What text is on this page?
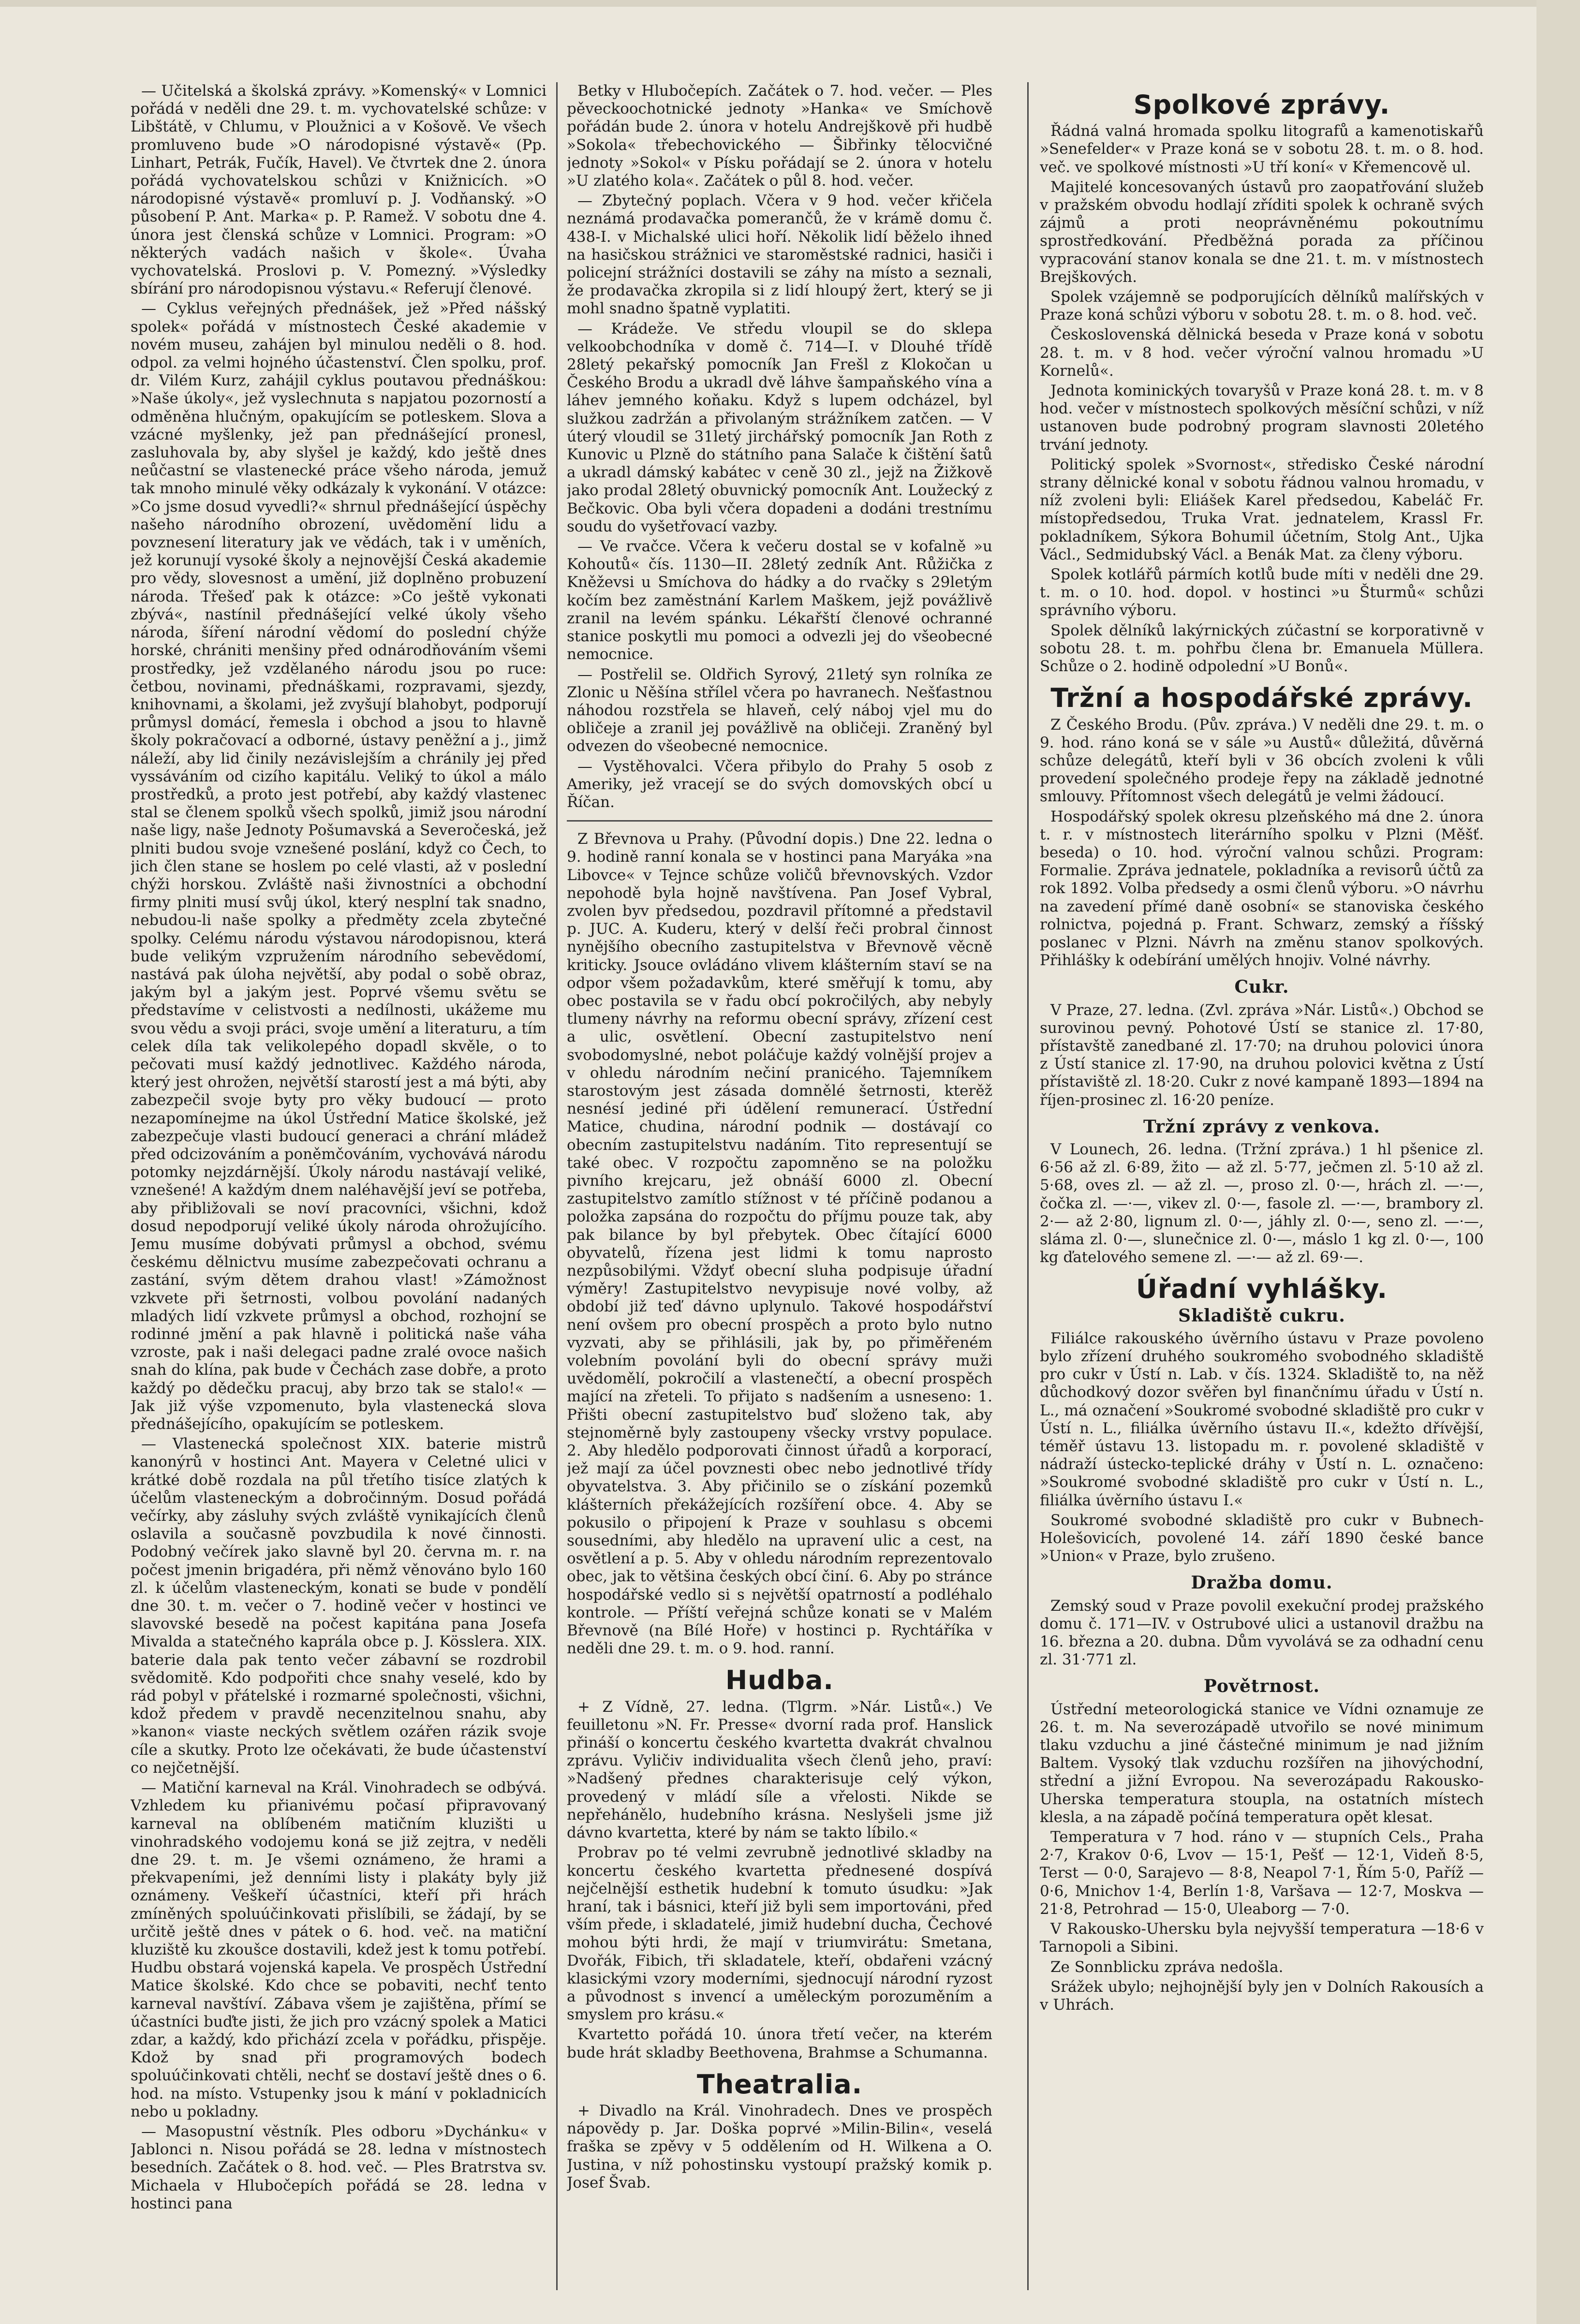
— Učitelská a školská zprávy. »Komenský« v Lomnici pořádá v neděli dne 29. t. m. vychovatelské schůze: v Libštátě, v Chlumu, v Ploužnici a v Košově. Ve všech promluveno bude »O národopisné výstavě« (Pp. Linhart, Petrák, Fučík, Havel). Ve čtvrtek dne 2. února pořádá vychovatelskou schůzi v Knižnicích. »O národopisné výstavě« promluví p. J. Vodňanský. »O působení P. Ant. Marka« p. P. Ramež. V sobotu dne 4. února jest členská schůze v Lomnici. Program: »O některých vadách našich v škole«. Úvaha vychovatelská. Proslovi p. V. Pomezný. »Výsledky sbírání pro národopisnou výstavu.« Referují členové.

— Cyklus veřejných přednášek, jež »Před nášský spolek« pořádá v místnostech České akademie v novém museu, zahájen byl minulou neděli o 8. hod. odpol. za velmi hojného účastenství. Člen spolku, prof. dr. Vilém Kurz, zahájil cyklus poutavou přednáškou: »Naše úkoly«, jež vyslechnuta s napjatou pozorností a odměněna hlučným, opakujícím se potleskem. Slova a vzácné myšlenky, jež pan přednášející pronesl, zasluhovala by, aby slyšel je každý, kdo ještě dnes neůčastní se vlastenecké práce všeho národa, jemuž tak mnoho minulé věky odkázaly k vykonání. V otázce: »Co jsme dosud vyvedli?« shrnul přednášející úspěchy našeho národního obrození, uvědomění lidu a povznesení literatury jak ve vědách, tak i v uměních, jež korunují vysoké školy a nejnovější Česká akademie pro vědy, slovesnost a umění, již doplněno probuzení národa. Třešeď pak k otázce: »Co ještě vykonati zbývá«, nastínil přednášející velké úkoly všeho národa, šíření národní vědomí do poslední chýže horské, chrániti menšiny před odnárodňováním všemi prostředky, jež vzdělaného národu jsou po ruce: četbou, novinami, přednáškami, rozpravami, sjezdy, knihovnami, a školami, jež zvyšují blahobyt, podporují průmysl domácí, řemesla i obchod a jsou to hlavně školy pokračovací a odborné, ústavy peněžní a j., jimž náleží, aby lid činily nezávislejším a chránily jej před vyssáváním od cizího kapitálu. Veliký to úkol a málo prostředků, a proto jest potřebí, aby každý vlastenec stal se členem spolků všech spolků, jimiž jsou národní naše ligy, naše Jednoty Pošumavská a Severočeská, jež plniti budou svoje vznešené poslání, když co Čech, to jich člen stane se hoslem po celé vlasti, až v poslední chýži horskou. Zvláště naši živnostníci a obchodní firmy plniti musí svůj úkol, který nesplní tak snadno, nebudou-li naše spolky a předměty zcela zbytečné spolky. Celému národu výstavou národopisnou, která bude velikým vzpružením národního sebevědomí, nastává pak úloha největší, aby podal o sobě obraz, jakým byl a jakým jest. Poprvé všemu světu se představíme v celistvosti a nedílnosti, ukážeme mu svou vědu a svoji práci, svoje umění a literaturu, a tím celek díla tak velikolepého dopadl skvěle, o to pečovati musí každý jednotlivec. Každého národa, který jest ohrožen, největší starostí jest a má býti, aby zabezpečil svoje byty pro věky budoucí — proto nezapomínejme na úkol Ústřední Matice školské, jež zabezpečuje vlasti budoucí generaci a chrání mládež před odcizováním a poněmčováním, vychovává národu potomky nejzdárnější. Úkoly národu nastávají veliké, vznešené! A každým dnem naléhavější jeví se potřeba, aby přibližovali se noví pracovníci, všichni, kdož dosud nepodporují veliké úkoly národa ohrožujícího. Jemu musíme dobývati průmysl a obchod, svému českému dělnictvu musíme zabezpečovati ochranu a zastání, svým dětem drahou vlast! »Zámožnost vzkvete při šetrnosti, volbou povolání nadaných mladých lidí vzkvete průmysl a obchod, rozhojní se rodinné jmění a pak hlavně i politická naše váha vzroste, pak i naši delegaci padne zralé ovoce našich snah do klína, pak bude v Čechách zase dobře, a proto každý po dědečku pracuj, aby brzo tak se stalo!« — Jak již výše vzpomenuto, byla vlastenecká slova přednášejícího, opakujícím se potleskem.

— Vlastenecká společnost XIX. baterie mistrů kanonýrů v hostinci Ant. Mayera v Celetné ulici v krátké době rozdala na půl třetího tisíce zlatých k účelům vlasteneckým a dobročinným. Dosud pořádá večírky, aby zásluhy svých zvláště vynikajících členů oslavila a současně povzbudila k nové činnosti. Podobný večírek jako slavně byl 20. června m. r. na počest jmenin brigadéra, při němž věnováno bylo 160 zl. k účelům vlasteneckým, konati se bude v pondělí dne 30. t. m. večer o 7. hodině večer v hostinci ve slavovské besedě na počest kapitána pana Josefa Mivalda a statečného kaprála obce p. J. Kösslera. XIX. baterie dala pak tento večer zábavní se rozdrobil svědomitě. Kdo podpořiti chce snahy veselé, kdo by rád pobyl v přátelské i rozmarné společnosti, všichni, kdož předem v pravdě necenzitelnou snahu, aby »kanon« viaste neckých světlem ozářen rázik svoje cíle a skutky. Proto lze očekávati, že bude účastenství co nejčetnější.

— Matiční karneval na Král. Vinohradech se odbývá. Vzhledem ku přianivému počasí připravovaný karneval na oblíbeném matičním kluzišti u vinohradského vodojemu koná se již zejtra, v neděli dne 29. t. m. Je všemi oznámeno, že hrami a překvapeními, jež denními listy i plakáty byly již oznámeny. Veškeří účastníci, kteří při hrách zmíněných spoluúčinkovati přislíbili, se žádají, by se určitě ještě dnes v pátek o 6. hod. več. na matiční kluziště ku zkoušce dostavili, kdež jest k tomu potřebí. Hudbu obstará vojenská kapela. Ve prospěch Ústřední Matice školské. Kdo chce se pobaviti, nechť tento karneval navštíví. Zábava všem je zajištěna, přímí se účastníci buďte jisti, že jich pro vzácný spolek a Matici zdar, a každý, kdo přichází zcela v pořádku, přispěje. Kdož by snad při programových bodech spoluúčinkovati chtěli, nechť se dostaví ještě dnes o 6. hod. na místo. Vstupenky jsou k mání v pokladnicích nebo u pokladny.

— Masopustní věstník. Ples odboru »Dychánku« v Jablonci n. Nisou pořádá se 28. ledna v místnostech besedních. Začátek o 8. hod. več. — Ples Bratrstva sv. Michaela v Hlubočepích pořádá se 28. ledna v hostinci pana

Betky v Hlubočepích. Začátek o 7. hod. večer. — Ples pěveckoochotnické jednoty »Hanka« ve Smíchově pořádán bude 2. února v hotelu Andrejškově při hudbě »Sokola« třebechovického — Šibřinky tělocvičné jednoty »Sokol« v Písku pořádají se 2. února v hotelu »U zlatého kola«. Začátek o půl 8. hod. večer.

— Zbytečný poplach. Včera v 9 hod. večer křičela neznámá prodavačka pomerančů, že v krámě domu č. 438-I. v Michalské ulici hoří. Několik lidí běželo ihned na hasičskou strážnici ve staroměstské radnici, hasiči i policejní strážníci dostavili se záhy na místo a seznali, že prodavačka zkropila si z lidí hloupý žert, který se ji mohl snadno špatně vyplatiti.

— Krádeže. Ve středu vloupil se do sklepa velkoobchodníka v domě č. 714—I. v Dlouhé třídě 28letý pekařský pomocník Jan Frešl z Klokočan u Českého Brodu a ukradl dvě láhve šampaňského vína a láhev jemného koňaku. Když s lupem odcházel, byl služkou zadržán a přivolaným strážníkem zatčen. — V úterý vloudil se 31letý jirchářský pomocník Jan Roth z Kunovic u Plzně do státního pana Salače k čištění šatů a ukradl dámský kabátec v ceně 30 zl., jejž na Žižkově jako prodal 28letý obuvnický pomocník Ant. Loužecký z Bečkovic. Oba byli včera dopadeni a dodáni trestnímu soudu do vyšetřovací vazby.

— Ve rvačce. Včera k večeru dostal se v kofalně »u Kohoutů« čís. 1130—II. 28letý zedník Ant. Růžička z Kněževsi u Smíchova do hádky a do rvačky s 29letým kočím bez zaměstnání Karlem Maškem, jejž povážlivě zranil na levém spánku. Lékařští členové ochranné stanice poskytli mu pomoci a odvezli jej do všeobecné nemocnice.

— Postřelil se. Oldřich Syrový, 21letý syn rolníka ze Zlonic u Něšína střílel včera po havranech. Nešťastnou náhodou rozstřela se hlaveň, celý náboj vjel mu do obličeje a zranil jej povážlivě na obličeji. Zraněný byl odvezen do všeobecné nemocnice.

— Vystěhovalci. Včera přibylo do Prahy 5 osob z Ameriky, jež vracejí se do svých domovských obcí u Říčan.

Z Břevnova u Prahy. (Původní dopis.) Dne 22. ledna o 9. hodině ranní konala se v hostinci pana Maryáka »na Libovce« v Tejnce schůze voličů břevnovských. Vzdor nepohodě byla hojně navštívena. Pan Josef Vybral, zvolen byv předsedou, pozdravil přítomné a představil p. JUC. A. Kuderu, který v delší řeči probral činnost nynějšího obecního zastupitelstva v Břevnově věcně kriticky. Jsouce ovládáno vlivem klášterním staví se na odpor všem požadavkům, které směřují k tomu, aby obec postavila se v řadu obcí pokročilých, aby nebyly tlumeny návrhy na reformu obecní správy, zřízení cest a ulic, osvětlení. Obecní zastupitelstvo není svobodomyslné, nebot poláčuje každý volnější projev a v ohledu národním nečiní pranicého. Tajemníkem starostovým jest zásada domnělé šetrnosti, kterěž nesnésí jediné při údělení remunerací. Ústřední Matice, chudina, národní podnik — dostávají co obecním zastupitelstvu nadáním. Tito representují se také obec. V rozpočtu zapomněno se na položku pivního krejcaru, jež obnáší 6000 zl. Obecní zastupitelstvo zamítlo stížnost v té příčině podanou a položka zapsána do rozpočtu do příjmu pouze tak, aby pak bilance by byl přebytek. Obec čítající 6000 obyvatelů, řízena jest lidmi k tomu naprosto nezpůsobilými. Vždyť obecní sluha podpisuje úřadní výměry! Zastupitelstvo nevypisuje nové volby, až období již teď dávno uplynulo. Takové hospodářství není ovšem pro obecní prospěch a proto bylo nutno vyzvati, aby se přihlásili, jak by, po přiměřeném volebním povolání byli do obecní správy muži uvědomělí, pokročilí a vlastenečtí, a obecní prospěch mající na zřeteli. To přijato s nadšením a usneseno: 1. Přišti obecní zastupitelstvo buď složeno tak, aby stejnoměrně byly zastoupeny všecky vrstvy populace. 2. Aby hledělo podporovati činnost úřadů a korporací, jež mají za účel povznesti obec nebo jednotlivé třídy obyvatelstva. 3. Aby přičinilo se o získání pozemků klášterních překážejících rozšíření obce. 4. Aby se pokusilo o připojení k Praze v souhlasu s obcemi sousedními, aby hledělo na upravení ulic a cest, na osvětlení a p. 5. Aby v ohledu národním reprezentovalo obec, jak to většina českých obcí činí. 6. Aby po stránce hospodářské vedlo si s největší opatrností a podléhalo kontrole. — Příští veřejná schůze konati se v Malém Břevnově (na Bílé Hoře) v hostinci p. Rychtáříka v neděli dne 29. t. m. o 9. hod. ranní.

Hudba.

+ Z Vídně, 27. ledna. (Tlgrm. »Nár. Listů«.) Ve feuilletonu »N. Fr. Presse« dvorní rada prof. Hanslick přináší o koncertu českého kvartetta dvakrát chvalnou zprávu. Vyličiv individualita všech členů jeho, praví: »Nadšený přednes charakterisuje celý výkon, provedený v mládí síle a vřelosti. Nikde se nepřehánělo, hudebního krásna. Neslyšeli jsme již dávno kvartetta, které by nám se takto líbilo.«

Probrav po té velmi zevrubně jednotlivé skladby na koncertu českého kvartetta přednesené dospívá nejčelnější esthetik hudební k tomuto úsudku: »Jak hraní, tak i básnici, kteří již byli sem importováni, před vším přede, i skladatelé, jimiž hudební ducha, Čechové mohou býti hrdi, že mají v triumvirátu: Smetana, Dvořák, Fibich, tři skladatele, kteří, obdařeni vzácný klasickými vzory moderními, sjednocují národní ryzost a původnost s invencí a uměleckým porozuměním a smyslem pro krásu.«

Kvartetto pořádá 10. února třetí večer, na kterém bude hrát skladby Beethovena, Brahmse a Schumanna.

Theatralia.

+ Divadlo na Král. Vinohradech. Dnes ve prospěch nápovědy p. Jar. Doška poprvé »Milin-Bilin«, veselá fraška se zpěvy v 5 oddělením od H. Wilkena a O. Justina, v níž pohostinsku vystoupí pražský komik p. Josef Švab.

Spolkové zprávy.

Řádná valná hromada spolku litografů a kamenotiskařů »Senefelder« v Praze koná se v sobotu 28. t. m. o 8. hod. več. ve spolkové místnosti »U tří koní« v Křemencově ul.

Majitelé koncesovaných ústavů pro zaopatřování služeb v pražském obvodu hodlají zříditi spolek k ochraně svých zájmů a proti neoprávněnému pokoutnímu sprostředkování. Předběžná porada za příčinou vypracování stanov konala se dne 21. t. m. v místnostech Brejškových.

Spolek vzájemně se podporujících dělníků malířských v Praze koná schůzi výboru v sobotu 28. t. m. o 8. hod. več.

Československá dělnická beseda v Praze koná v sobotu 28. t. m. v 8 hod. večer výroční valnou hromadu »U Kornelů«.

Jednota kominických tovaryšů v Praze koná 28. t. m. v 8 hod. večer v místnostech spolkových měsíční schůzi, v níž ustanoven bude podrobný program slavnosti 20letého trvání jednoty.

Politický spolek »Svornost«, středisko České národní strany dělnické konal v sobotu řádnou valnou hromadu, v níž zvoleni byli: Eliášek Karel předsedou, Kabeláč Fr. místopředsedou, Truka Vrat. jednatelem, Krassl Fr. pokladníkem, Sýkora Bohumil účetním, Stolg Ant., Ujka Václ., Sedmidubský Václ. a Benák Mat. za členy výboru.

Spolek kotlářů pármích kotlů bude míti v neděli dne 29. t. m. o 10. hod. dopol. v hostinci »u Šturmů« schůzi správního výboru.

Spolek dělníků lakýrnických zúčastní se korporativně v sobotu 28. t. m. pohřbu člena br. Emanuela Müllera. Schůze o 2. hodině odpolední »U Bonů«.

Tržní a hospodářské zprávy.

Z Českého Brodu. (Pův. zpráva.) V neděli dne 29. t. m. o 9. hod. ráno koná se v sále »u Austů« důležitá, důvěrná schůze delegátů, kteří byli v 36 obcích zvoleni k vůli provedení společného prodeje řepy na základě jednotné smlouvy. Přítomnost všech delegátů je velmi žádoucí.

Hospodářský spolek okresu plzeňského má dne 2. února t. r. v místnostech literárního spolku v Plzni (Měšť. beseda) o 10. hod. výroční valnou schůzi. Program: Formalie. Zpráva jednatele, pokladníka a revisorů účtů za rok 1892. Volba předsedy a osmi členů výboru. »O návrhu na zavedení přímé daně osobní« se stanoviska českého rolnictva, pojedná p. Frant. Schwarz, zemský a říšský poslanec v Plzni. Návrh na změnu stanov spolkových. Přihlášky k odebírání umělých hnojiv. Volné návrhy.

Cukr.

V Praze, 27. ledna. (Zvl. zpráva »Nár. Listů«.) Obchod se surovinou pevný. Pohotové Ústí se stanice zl. 17·80, přístavště zanedbané zl. 17·70; na druhou polovici února z Ústí stanice zl. 17·90, na druhou polovici května z Ústí přístaviště zl. 18·20. Cukr z nové kampaně 1893—1894 na říjen-prosinec zl. 16·20 peníze.

Tržní zprávy z venkova.

V Lounech, 26. ledna. (Tržní zpráva.) 1 hl pšenice zl. 6·56 až zl. 6·89, žito — až zl. 5·77, ječmen zl. 5·10 až zl. 5·68, oves zl. — až zl. —, proso zl. 0·—, hrách zl. —·—, čočka zl. —·—, vikev zl. 0·—, fasole zl. —·—, brambory zl. 2·— až 2·80, lignum zl. 0·—, jáhly zl. 0·—, seno zl. —·—, sláma zl. 0·—, slunečnice zl. 0·—, máslo 1 kg zl. 0·—, 100 kg ďatelového semene zl. —·— až zl. 69·—.

Úřadní vyhlášky.
Skladiště cukru.

Filiálce rakouského úvěrního ústavu v Praze povoleno bylo zřízení druhého soukromého svobodného skladiště pro cukr v Ústí n. Lab. v čís. 1324. Skladiště to, na něž důchodkový dozor svěřen byl finančnímu úřadu v Ústí n. L., má označení »Soukromé svobodné skladiště pro cukr v Ústí n. L., filiálka úvěrního ústavu II.«, kdežto dřívější, téměř ústavu 13. listopadu m. r. povolené skladiště v nádraží ústecko-teplické dráhy v Ústí n. L. označeno: »Soukromé svobodné skladiště pro cukr v Ústí n. L., filiálka úvěrního ústavu I.«

Soukromé svobodné skladiště pro cukr v Bubnech-Holešovicích, povolené 14. září 1890 české bance »Union« v Praze, bylo zrušeno.

Dražba domu.

Zemský soud v Praze povolil exekuční prodej pražského domu č. 171—IV. v Ostrubové ulici a ustanovil dražbu na 16. března a 20. dubna. Dům vyvolává se za odhadní cenu zl. 31·771 zl.

Povětrnost.

Ústřední meteorologická stanice ve Vídni oznamuje ze 26. t. m. Na severozápadě utvořilo se nové minimum tlaku vzduchu a jiné částečné minimum je nad jižním Baltem. Vysoký tlak vzduchu rozšířen na jihovýchodní, střední a jižní Evropou. Na severozápadu Rakousko-Uherska temperatura stoupla, na ostatních místech klesla, a na západě počíná temperatura opět klesat.

Temperatura v 7 hod. ráno v — stupních Cels., Praha 2·7, Krakov 0·6, Lvov — 15·1, Pešť — 12·1, Videň 8·5, Terst — 0·0, Sarajevo — 8·8, Neapol 7·1, Řím 5·0, Paříž — 0·6, Mnichov 1·4, Berlín 1·8, Varšava — 12·7, Moskva — 21·8, Petrohrad — 15·0, Uleaborg — 7·0.

V Rakousko-Uhersku byla nejvyšší temperatura —18·6 v Tarnopoli a Sibini.

Ze Sonnblicku zpráva nedošla.

Srážek ubylo; nejhojnější byly jen v Dolních Rakousích a v Uhrách.
